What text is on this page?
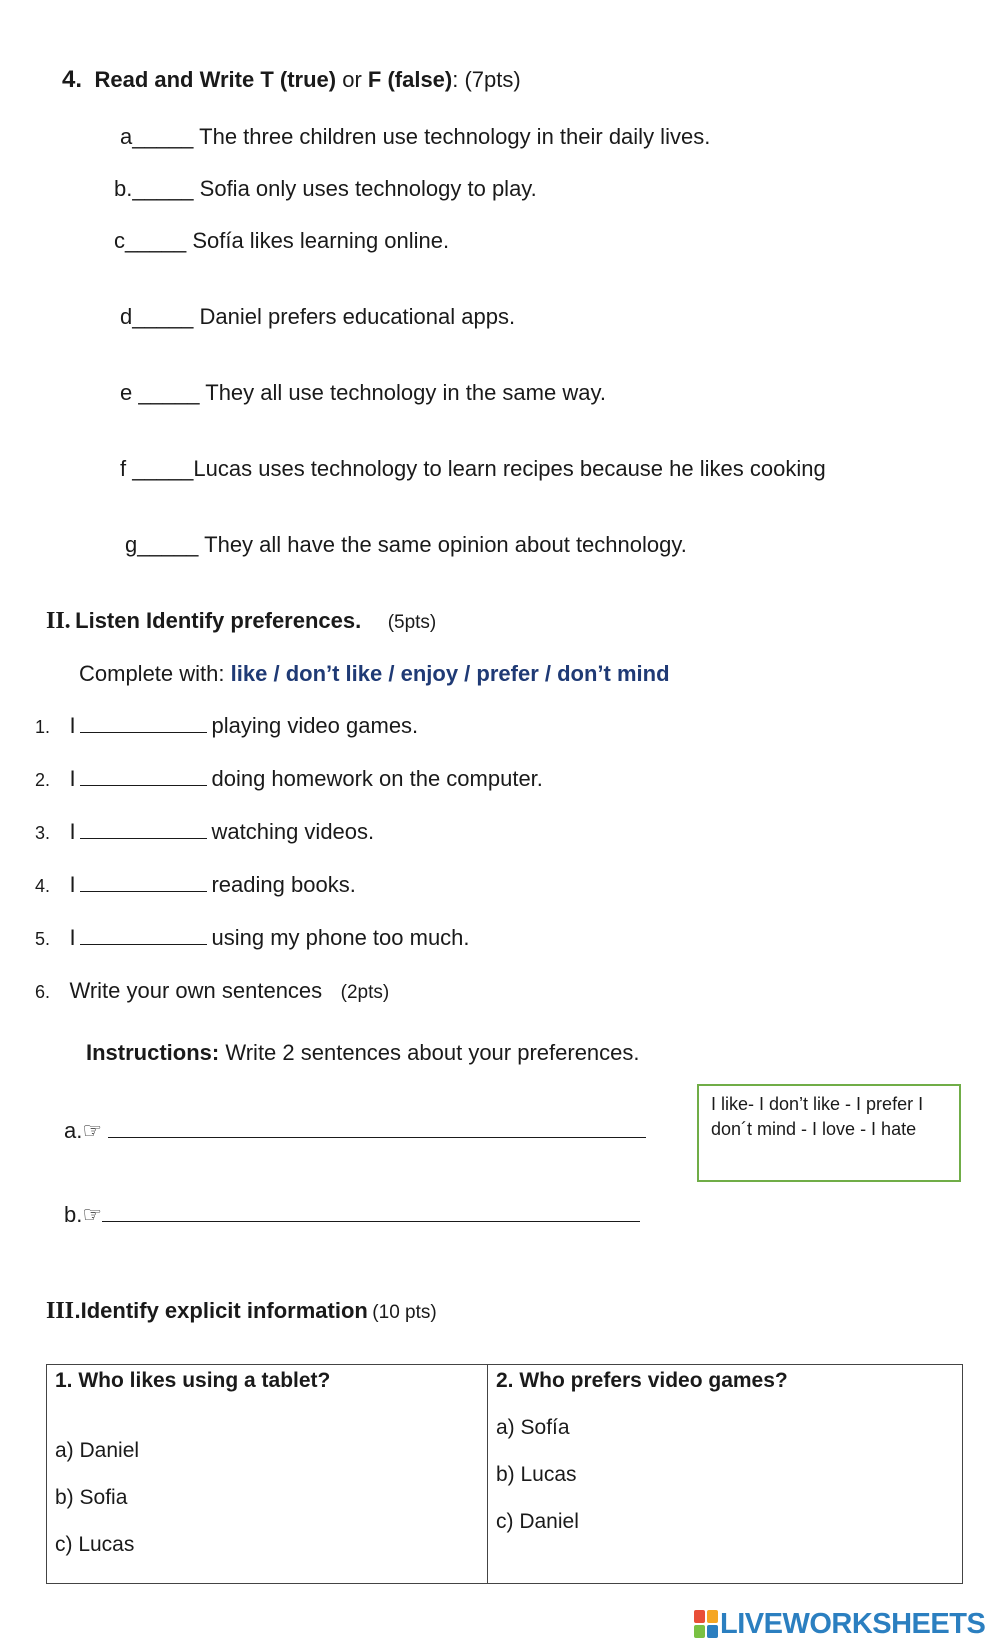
4. Read and Write T (true) or F (false): (7pts)
a_____ The three children use technology in their daily lives.
b._____ Sofia only uses technology to play.
c_____ Sofía likes learning online.
d_____ Daniel prefers educational apps.
e _____ They all use technology in the same way.
f _____Lucas uses technology to learn recipes because he likes cooking
g_____ They all have the same opinion about technology.
II. Listen Identify preferences. (5pts)
Complete with: like / don’t like / enjoy / prefer / don’t mind
1. I	playing video games.
2. I	doing homework on the computer.
3. I	watching videos.
4. I	reading books.
5. I	using my phone too much.
6. Write your own sentences (2pts)
Instructions: Write 2 sentences about your preferences.
a.☞
b.☞
I like- I don’t like - I prefer I don´t mind - I love - I hate
III .Identify explicit information (10 pts)
1. Who likes using a tablet?
a) Daniel
b) Sofia
c) Lucas

2. Who prefers video games?
a) Sofía
b) Lucas
c) Daniel
LIVEWORKSHEETS
